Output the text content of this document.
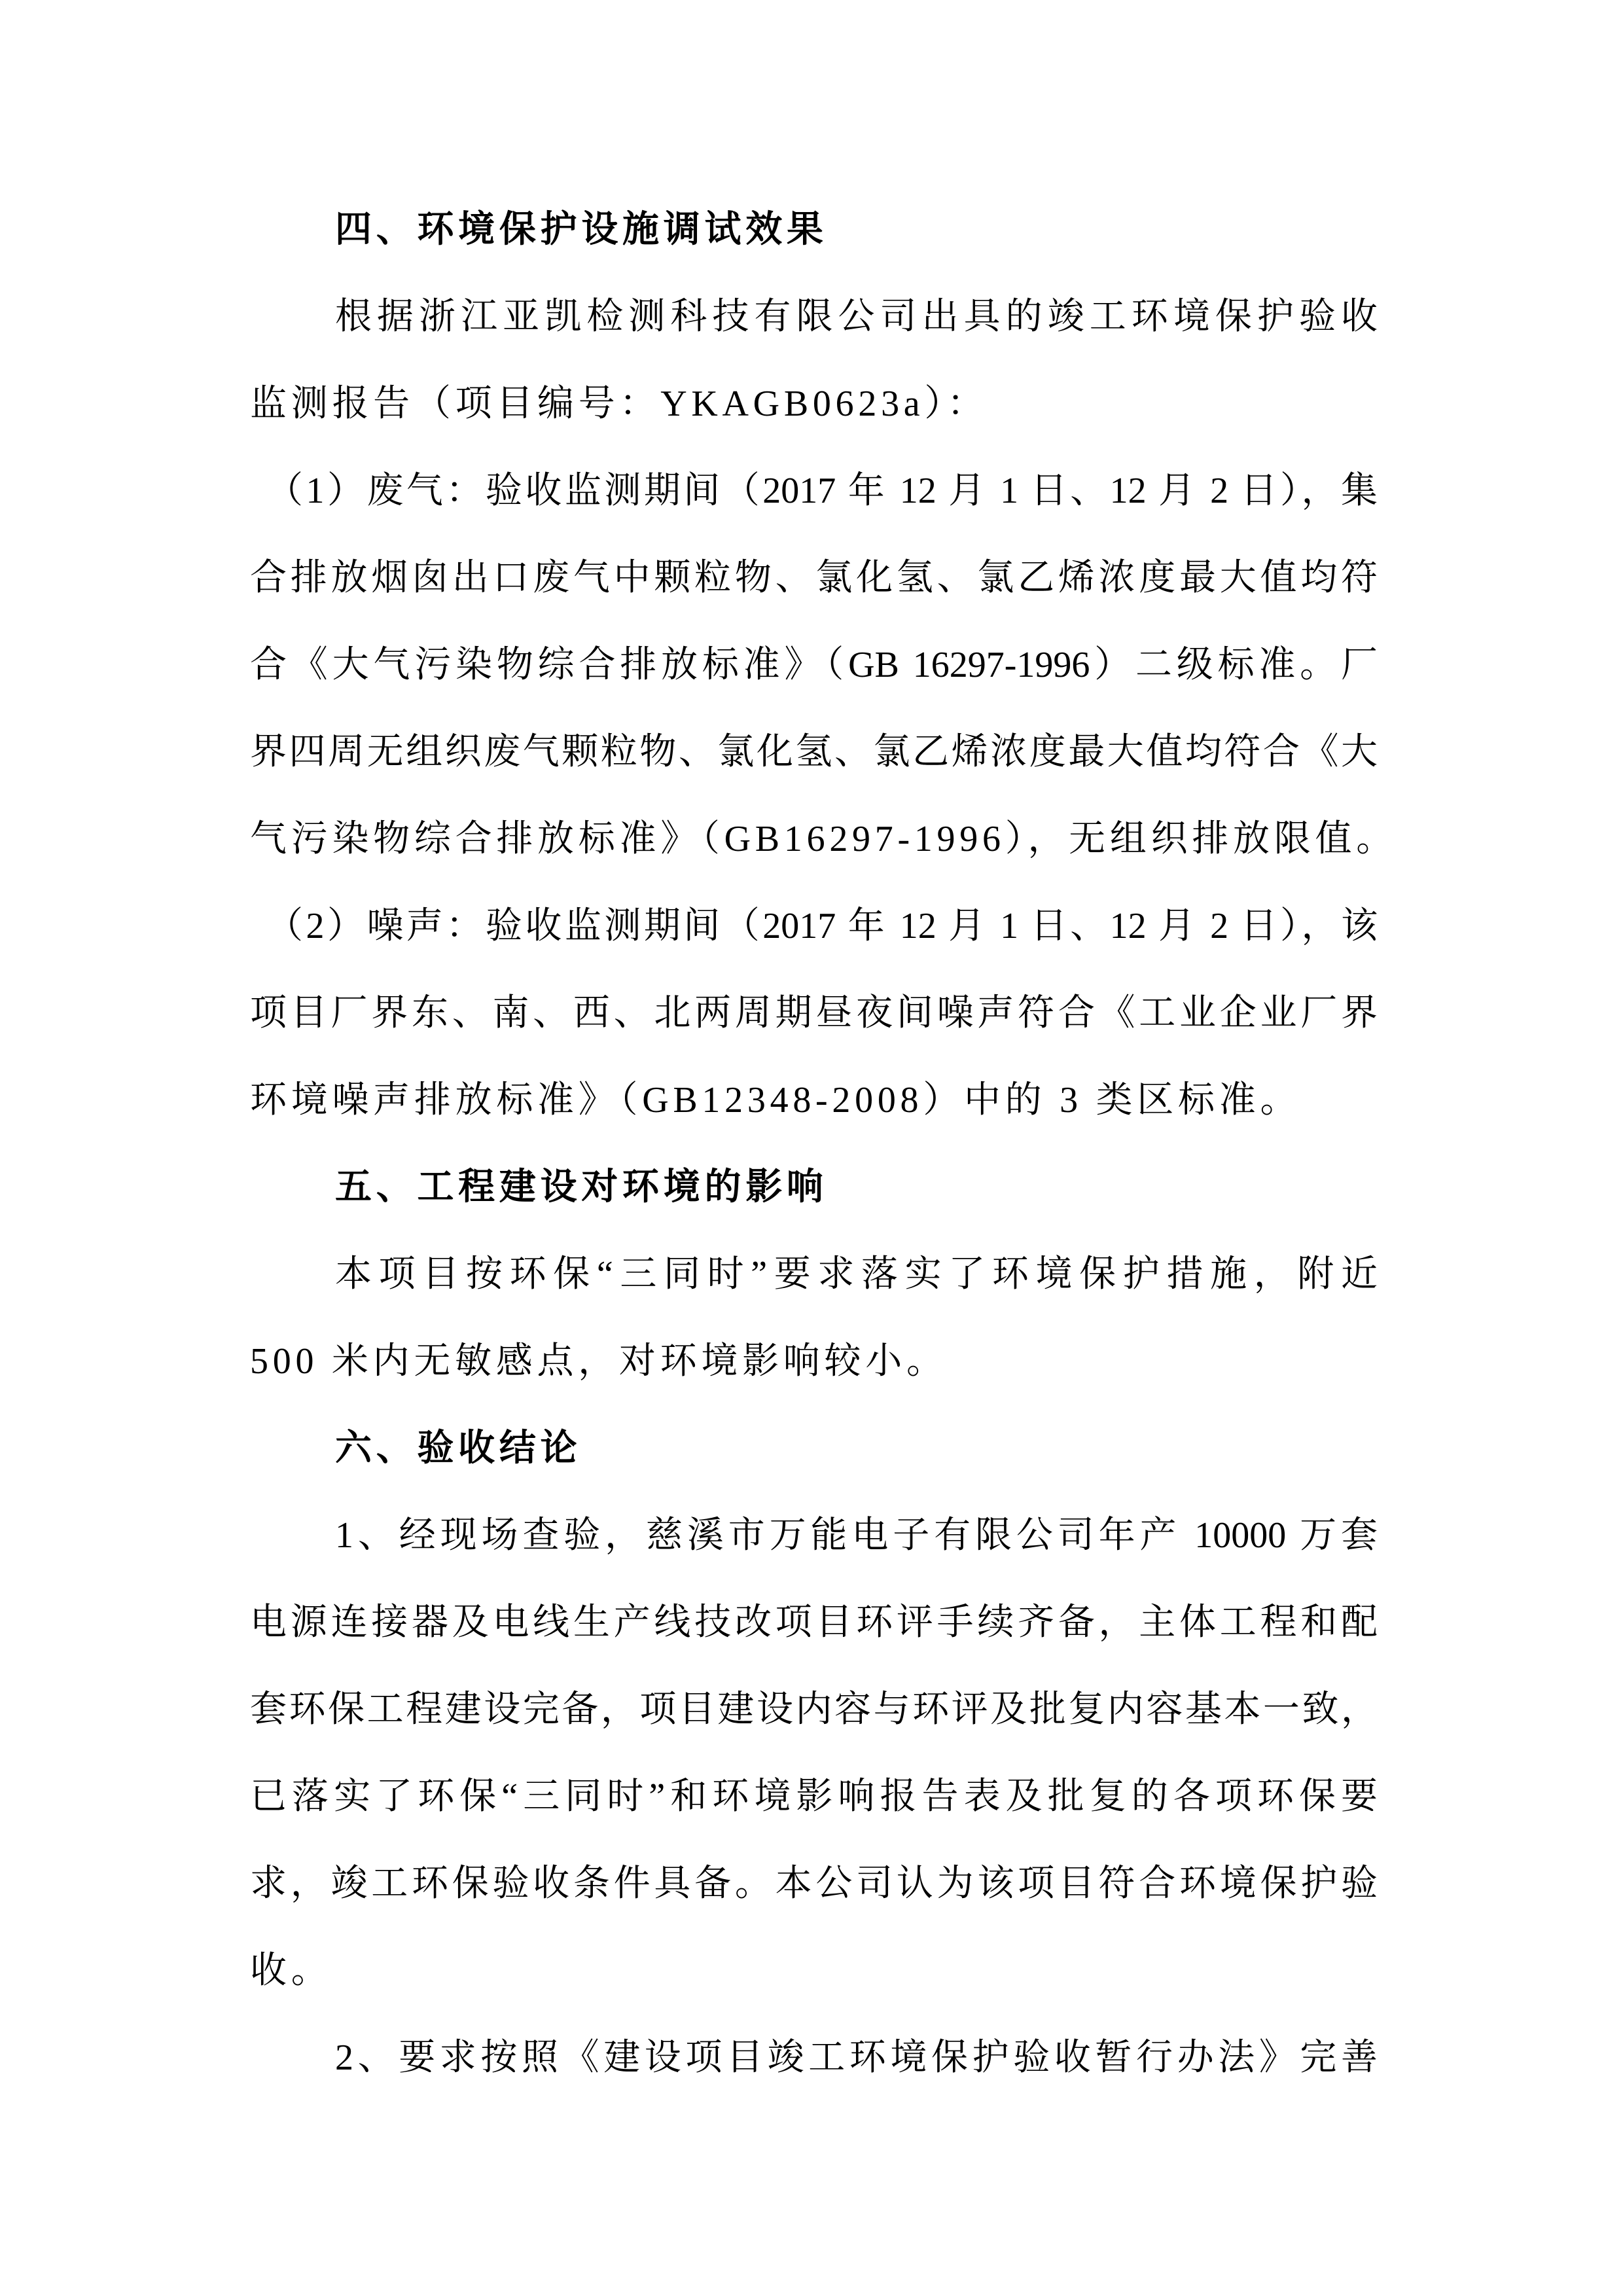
四、环境保护设施调试效果

根据浙江亚凯检测科技有限公司出具的竣工环境保护验收

监测报告（项目编号：YKAGB0623a）：

（1）废气：验收监测期间（2017 年 12 月 1 日、12 月 2 日），集

合排放烟囱出口废气中颗粒物、氯化氢、氯乙烯浓度最大值均符

合《大气污染物综合排放标准》（GB 16297-1996）二级标准。厂

界四周无组织废气颗粒物、氯化氢、氯乙烯浓度最大值均符合《大

气污染物综合排放标准》（GB16297-1996），无组织排放限值。

（2）噪声：验收监测期间（2017 年 12 月 1 日、12 月 2 日），该

项目厂界东、南、西、北两周期昼夜间噪声符合《工业企业厂界

环境噪声排放标准》（GB12348-2008）中的 3 类区标准。

五、工程建设对环境的影响

本项目按环保“三同时”要求落实了环境保护措施，附近

500 米内无敏感点，对环境影响较小。

六、验收结论

1、经现场查验，慈溪市万能电子有限公司年产 10000 万套

电源连接器及电线生产线技改项目环评手续齐备，主体工程和配

套环保工程建设完备，项目建设内容与环评及批复内容基本一致，

已落实了环保“三同时”和环境影响报告表及批复的各项环保要

求，竣工环保验收条件具备。本公司认为该项目符合环境保护验

收。

2、要求按照《建设项目竣工环境保护验收暂行办法》完善
